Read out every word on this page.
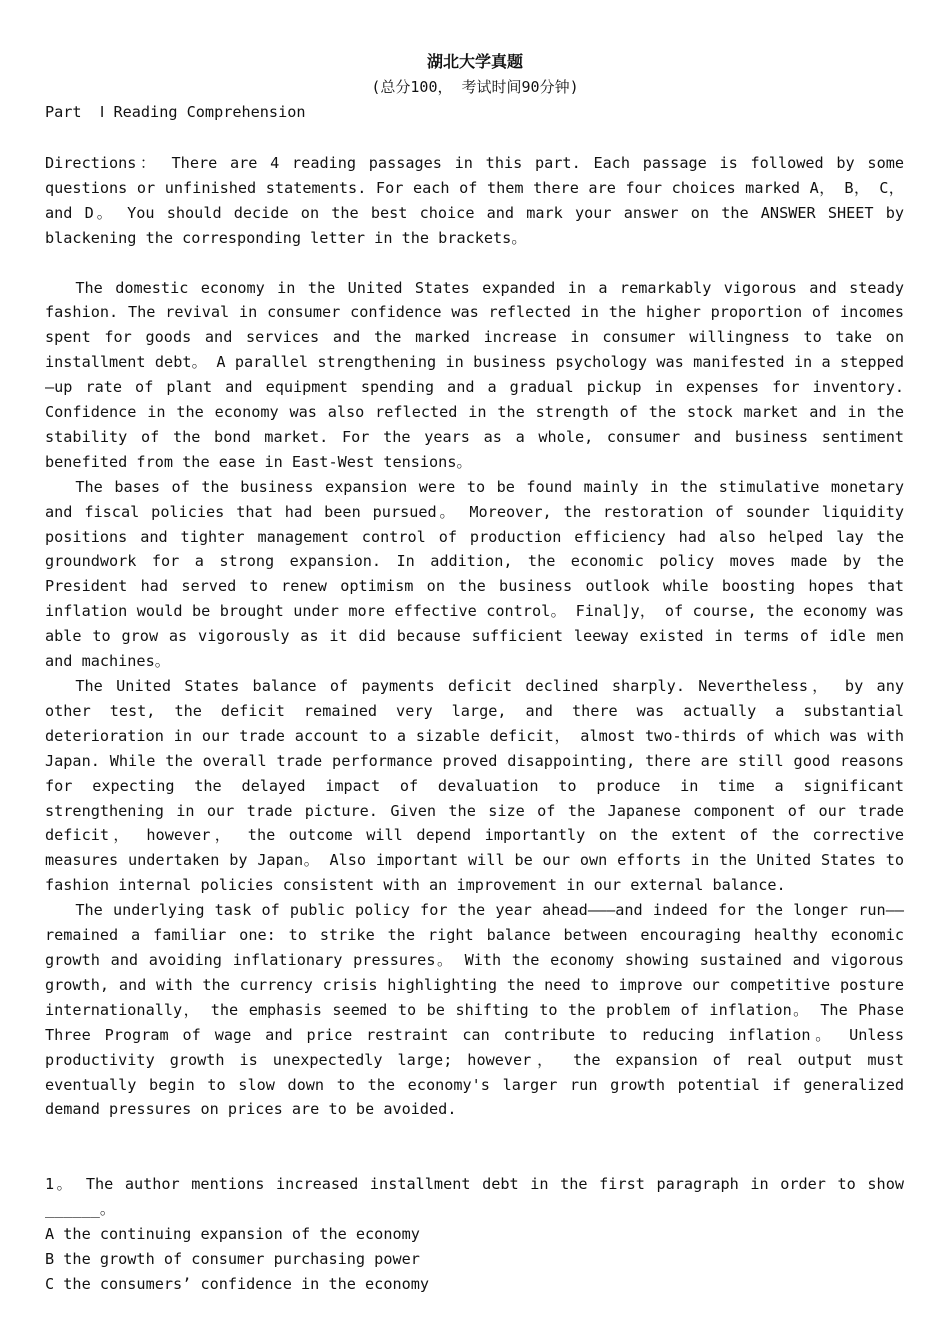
湖北大学真题
(总分100， 考试时间90分钟)
Part  Ⅰ Reading Comprehension

Directions： There are 4 reading passages in this part. Each passage is followed by some questions or unfinished statements. For each of them there are four choices marked A， B， C， and D。 You should decide on the best choice and mark your answer on the ANSWER SHEET by blackening the corresponding letter in the brackets。

The domestic economy in the United States expanded in a remarkably vigorous and steady fashion. The revival in consumer confidence was reflected in the higher proportion of incomes spent for goods and services and the marked increase in consumer willingness to take on installment debt。 A parallel strengthening in business psychology was manifested in a stepped—up rate of plant and equipment spending and a gradual pickup in expenses for inventory. Confidence in the economy was also reflected in the strength of the stock market and in the stability of the bond market. For the years as a whole, consumer and business sentiment benefited from the ease in East-West tensions。

The bases of the business expansion were to be found mainly in the stimulative monetary and fiscal policies that had been pursued。 Moreover, the restoration of sounder liquidity positions and tighter management control of production efficiency had also helped lay the groundwork for a strong expansion. In addition, the economic policy moves made by the President had served to renew optimism on the business outlook while boosting hopes that inflation would be brought under more effective control。 Final]y， of course, the economy was able to grow as vigorously as it did because sufficient leeway existed in terms of idle men and machines。

The United States balance of payments deficit declined sharply. Nevertheless， by any other test, the deficit remained very large, and there was actually a substantial deterioration in our trade account to a sizable deficit， almost two-thirds of which was with Japan. While the overall trade performance proved disappointing, there are still good reasons for expecting the delayed impact of devaluation to produce in time a significant strengthening in our trade picture. Given the size of the Japanese component of our trade deficit， however， the outcome will depend importantly on the extent of the corrective measures undertaken by Japan。 Also important will be our own efforts in the United States to fashion internal policies consistent with an improvement in our external balance.

The underlying task of public policy for the year ahead———and indeed for the longer run——remained a familiar one: to strike the right balance between encouraging healthy economic growth and avoiding inflationary pressures。 With the economy showing sustained and vigorous growth, and with the currency crisis highlighting the need to improve our competitive posture internationally， the emphasis seemed to be shifting to the problem of inflation。 The Phase Three Program of wage and price restraint can contribute to reducing inflation。 Unless productivity growth is unexpectedly large; however， the expansion of real output must eventually begin to slow down to the economy's larger run growth potential if generalized demand pressures on prices are to be avoided.

1。 The author mentions increased installment debt in the first paragraph in order to show ______。

A the continuing expansion of the economy

B the growth of consumer purchasing power

C the consumers’ confidence in the economy
